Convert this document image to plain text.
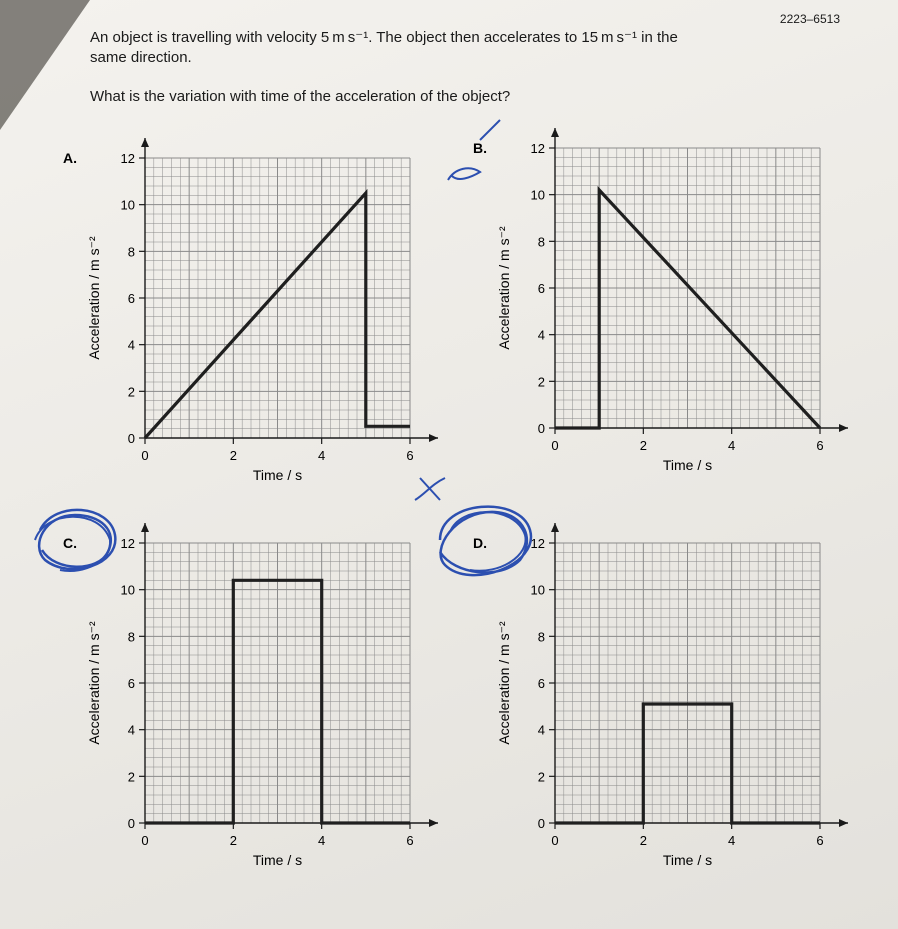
2223–6513
An object is travelling with velocity 5 m s⁻¹. The object then accelerates to 15 m s⁻¹ in the
same direction.
What is the variation with time of the acceleration of the object?
0
2
4
6
8
10
12
0	2	4	6
Time / s
Acceleration / m s⁻²
A.
0
2
4
6
8
10
12
0	2	4	6
Time / s
Acceleration / m s⁻²
B.
0
2
4
6
8
10
12
0	2	4	6
Time / s
Acceleration / m s⁻²
C.
0
2
4
6
8
10
12
0	2	4	6
Time / s
Acceleration / m s⁻²
D.
